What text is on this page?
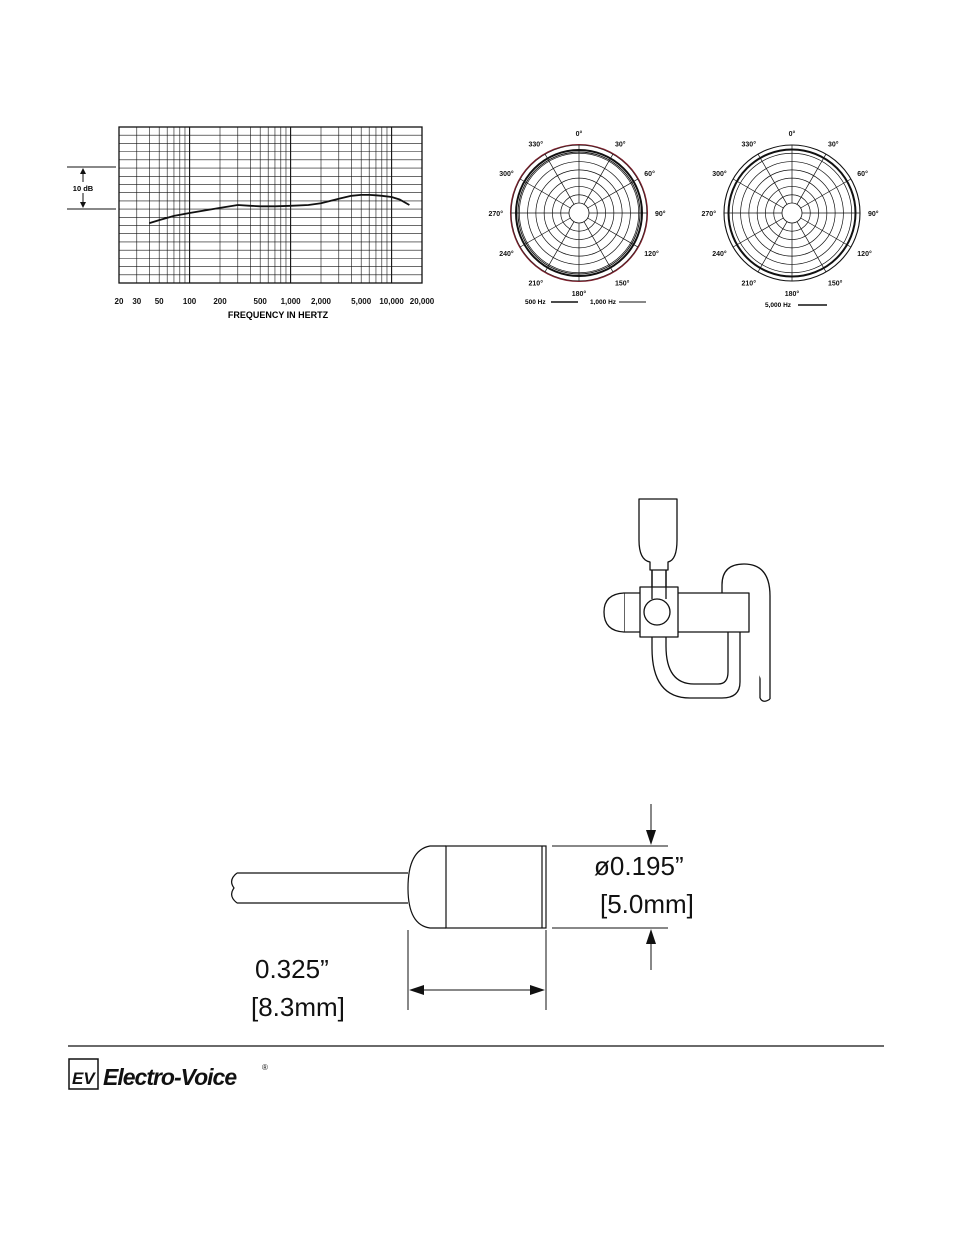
20 30 50 100 200	500 1,000 2,000	5,000 10,000 20,000
FREQUENCY IN HERTZ
10 dB
0°
30°
60°
90°
120°
150°
180°
210°
240°
270°
300°
330°
500 Hz	1,000 Hz
0°
30°
60°
90°
120°
150°
180°
210°
240°
270°
300°
330°
5,000 Hz
ø0.195”
[5.0mm]
0.325”
[8.3mm]
EV Electro-Voice	®
